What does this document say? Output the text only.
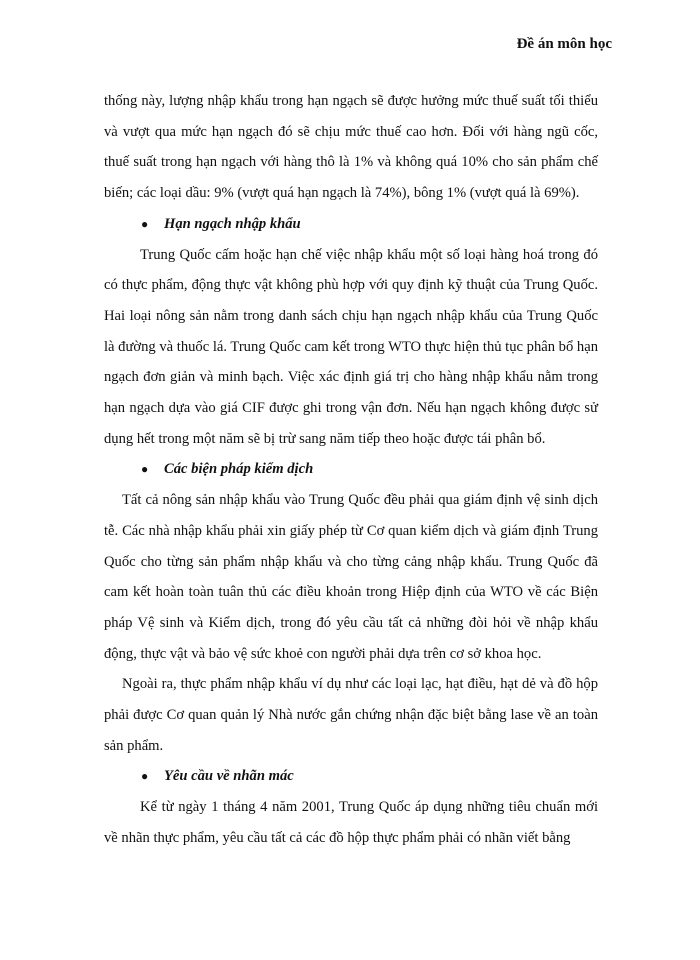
Đề án môn học

thống này, lượng nhập khẩu trong hạn ngạch sẽ được hưởng mức thuế suất tối thiểu và vượt qua mức hạn ngạch đó sẽ chịu mức thuế cao hơn. Đối với hàng ngũ cốc, thuế suất trong hạn ngạch với hàng thô là 1% và không quá 10% cho sản phẩm chế biến; các loại dầu: 9% (vượt quá hạn ngạch là 74%), bông 1% (vượt quá là 69%).

● Hạn ngạch nhập khẩu

Trung Quốc cấm hoặc hạn chế việc nhập khẩu một số loại hàng hoá trong đó có thực phẩm, động thực vật không phù hợp với quy định kỹ thuật của Trung Quốc. Hai loại nông sản nằm trong danh sách chịu hạn ngạch nhập khẩu của Trung Quốc là đường và thuốc lá. Trung Quốc cam kết trong WTO thực hiện thủ tục phân bổ hạn ngạch đơn giản và minh bạch. Việc xác định giá trị cho hàng nhập khẩu nằm trong hạn ngạch dựa vào giá CIF được ghi trong vận đơn. Nếu hạn ngạch không được sử dụng hết trong một năm sẽ bị trừ sang năm tiếp theo hoặc được tái phân bổ.

● Các biện pháp kiểm dịch

Tất cả nông sản nhập khẩu vào Trung Quốc đều phải qua giám định vệ sinh dịch tễ. Các nhà nhập khẩu phải xin giấy phép từ Cơ quan kiểm dịch và giám định Trung Quốc cho từng sản phẩm nhập khẩu và cho từng cảng nhập khẩu. Trung Quốc đã cam kết hoàn toàn tuân thủ các điều khoản trong Hiệp định của WTO về các Biện pháp Vệ sinh và Kiểm dịch, trong đó yêu cầu tất cả những đòi hỏi về nhập khẩu động, thực vật và bảo vệ sức khoẻ con người phải dựa trên cơ sở khoa học.

Ngoài ra, thực phẩm nhập khẩu ví dụ như các loại lạc, hạt điều, hạt dẻ và đồ hộp phải được Cơ quan quản lý Nhà nước gắn chứng nhận đặc biệt bằng lase về an toàn sản phẩm.

● Yêu cầu về nhãn mác

Kể từ ngày 1 tháng 4 năm 2001, Trung Quốc áp dụng những tiêu chuẩn mới về nhãn thực phẩm, yêu cầu tất cả các đồ hộp thực phẩm phải có nhãn viết bằng
